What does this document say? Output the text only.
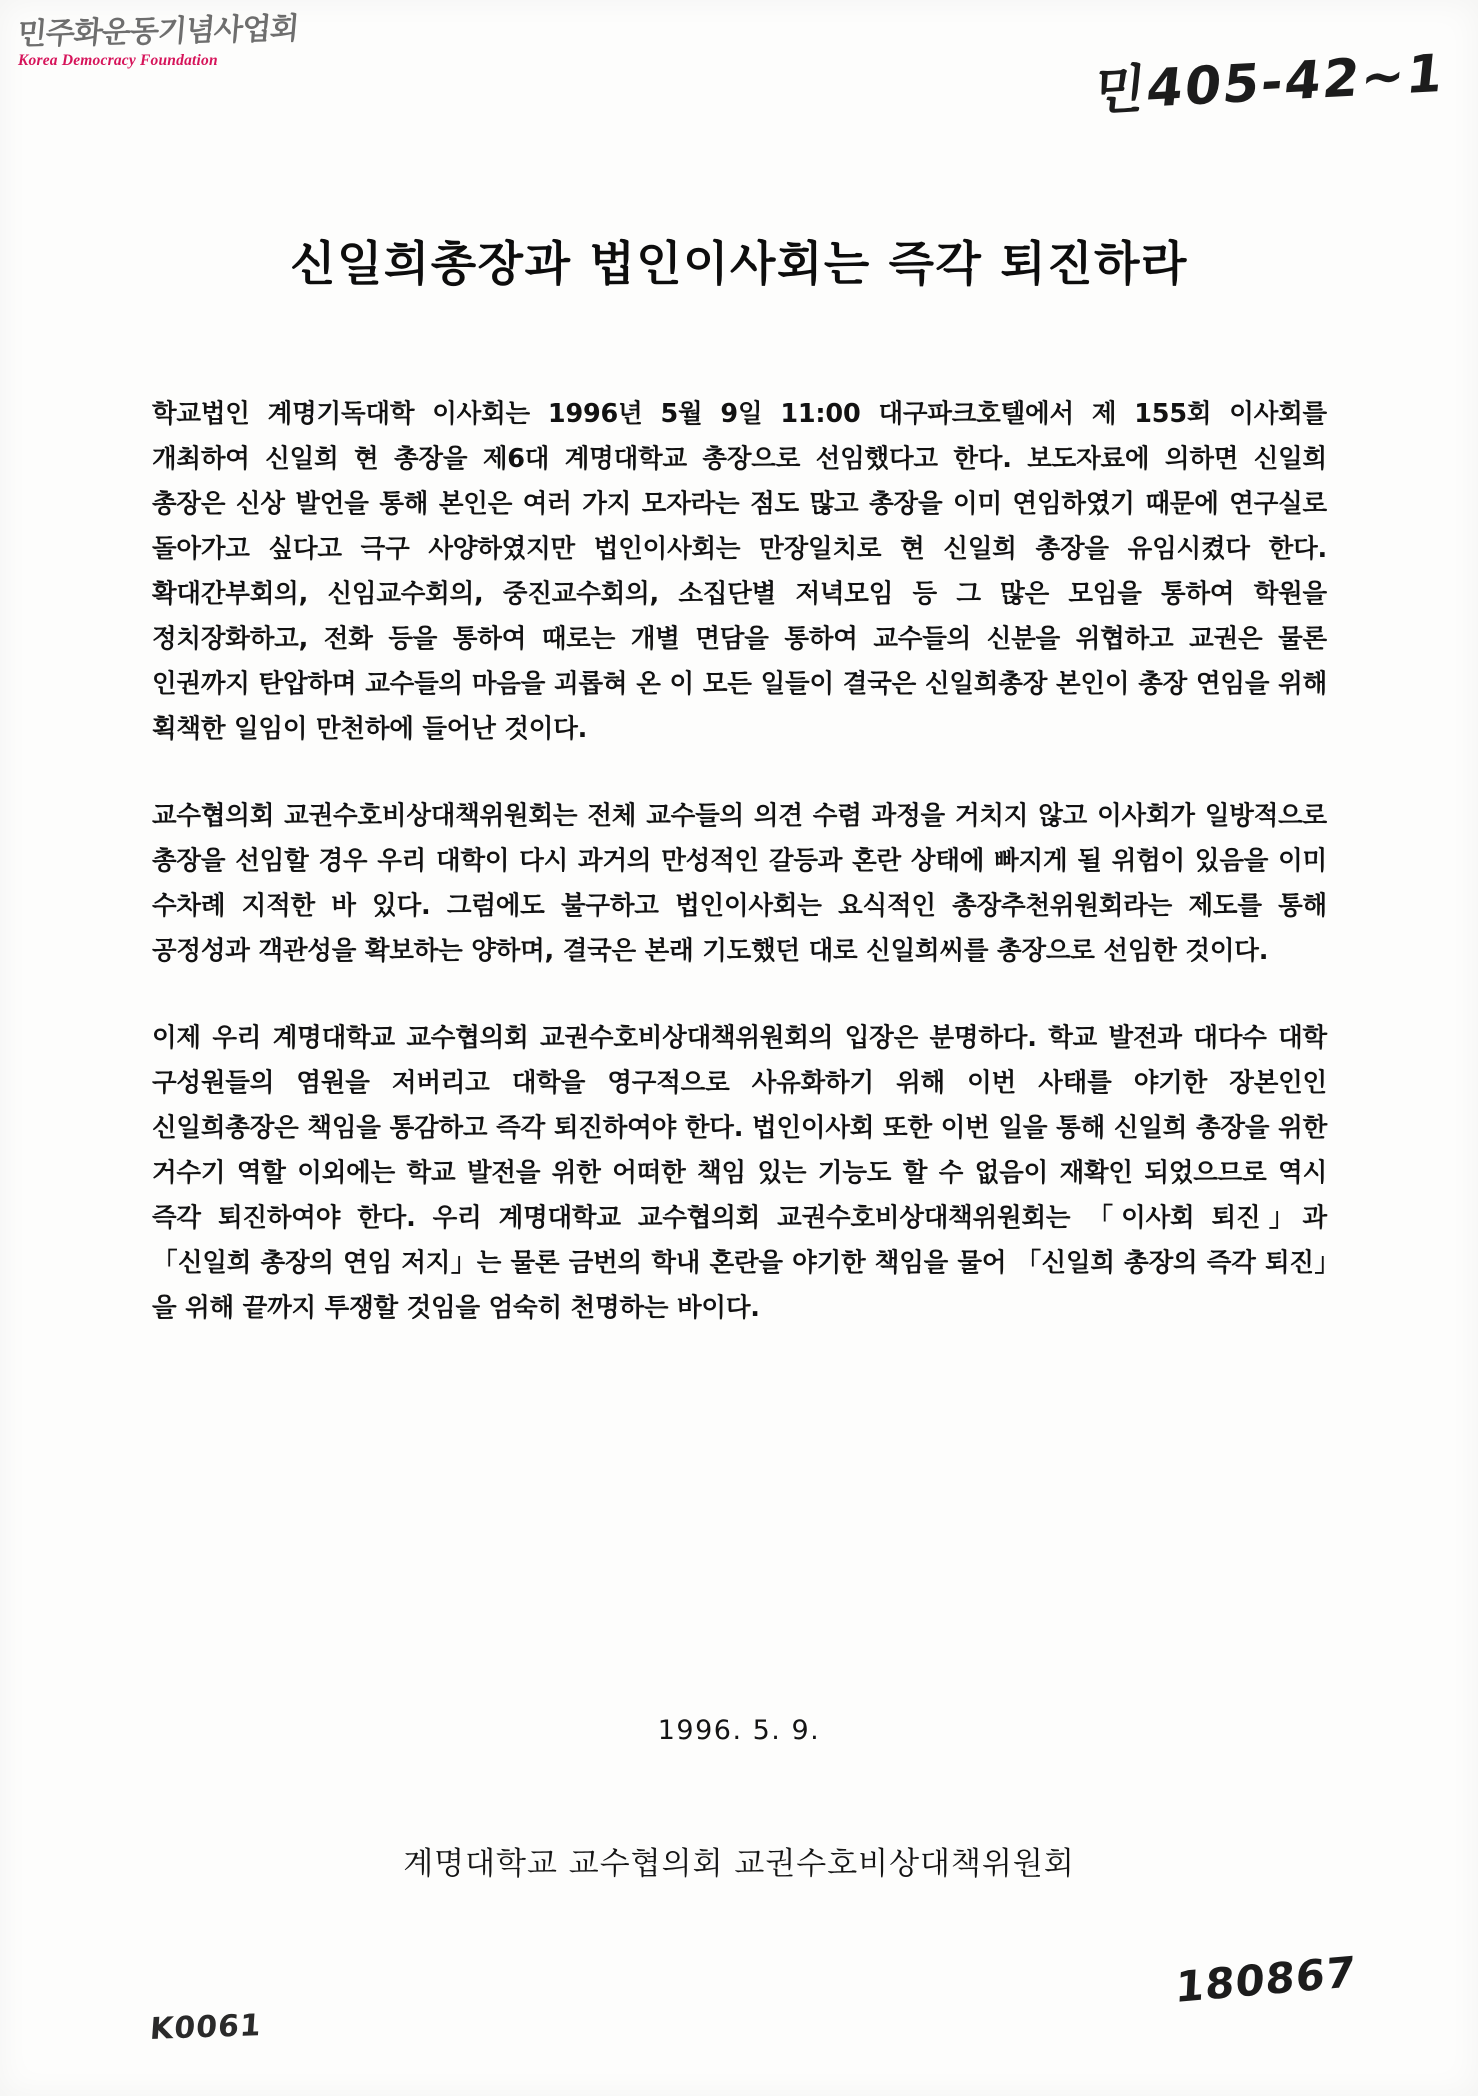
민주화운동기념사업회
Korea Democracy Foundation	민405-42~1
신일희총장과 법인이사회는 즉각 퇴진하라

학교법인 계명기독대학 이사회는 1996년 5월 9일 11:00 대구파크호텔에서 제 155회 이사회를 개최하여 신일희 현 총장을 제6대 계명대학교 총장으로 선임했다고 한다. 보도자료에 의하면 신일희 총장은 신상 발언을 통해 본인은 여러 가지 모자라는 점도 많고 총장을 이미 연임하였기 때문에 연구실로 돌아가고 싶다고 극구 사양하였지만 법인이사회는 만장일치로 현 신일희 총장을 유임시켰다 한다. 확대간부회의, 신임교수회의, 중진교수회의, 소집단별 저녁모임 등 그 많은 모임을 통하여 학원을 정치장화하고, 전화 등을 통하여 때로는 개별 면담을 통하여 교수들의 신분을 위협하고 교권은 물론 인권까지 탄압하며 교수들의 마음을 괴롭혀 온 이 모든 일들이 결국은 신일희총장 본인이 총장 연임을 위해 획책한 일임이 만천하에 들어난 것이다.

교수협의회 교권수호비상대책위원회는 전체 교수들의 의견 수렴 과정을 거치지 않고 이사회가 일방적으로 총장을 선임할 경우 우리 대학이 다시 과거의 만성적인 갈등과 혼란 상태에 빠지게 될 위험이 있음을 이미 수차례 지적한 바 있다. 그럼에도 불구하고 법인이사회는 요식적인 총장추천위원회라는 제도를 통해 공정성과 객관성을 확보하는 양하며, 결국은 본래 기도했던 대로 신일희씨를 총장으로 선임한 것이다.

이제 우리 계명대학교 교수협의회 교권수호비상대책위원회의 입장은 분명하다. 학교 발전과 대다수 대학 구성원들의 염원을 저버리고 대학을 영구적으로 사유화하기 위해 이번 사태를 야기한 장본인인 신일희총장은 책임을 통감하고 즉각 퇴진하여야 한다. 법인이사회 또한 이번 일을 통해 신일희 총장을 위한 거수기 역할 이외에는 학교 발전을 위한 어떠한 책임 있는 기능도 할 수 없음이 재확인 되었으므로 역시 즉각 퇴진하여야 한다. 우리 계명대학교 교수협의회 교권수호비상대책위원회는 「이사회 퇴진」과 「신일희 총장의 연임 저지」는 물론 금번의 학내 혼란을 야기한 책임을 물어 「신일희 총장의 즉각 퇴진」을 위해 끝까지 투쟁할 것임을 엄숙히 천명하는 바이다.

1996. 5. 9.
계명대학교 교수협의회 교권수호비상대책위원회
180867
K0061
